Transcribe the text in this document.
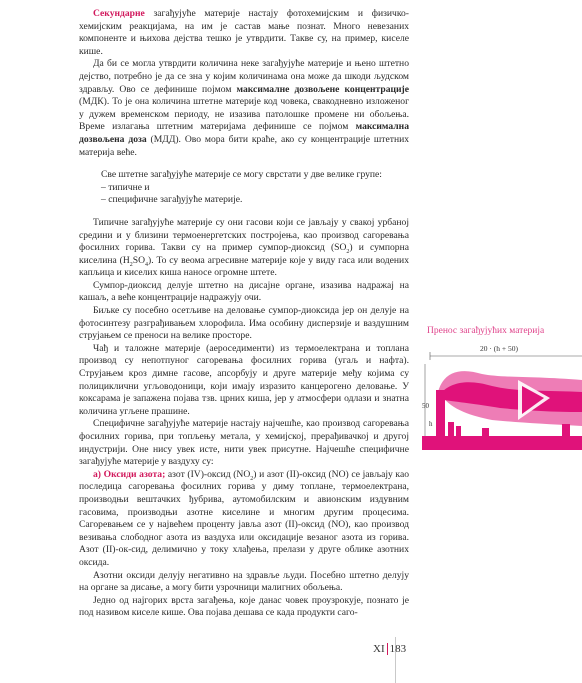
Секундарне загађујуће материје настају фотохемијским и физичко-хемијским реакцијама, на им је састав мање познат. Много невезаних компоненте и њихова дејства тешко је утврдити. Такве су, на пример, киселе кише.

Да би се могла утврдити количина неке загађујуће материје и њено штетно дејство, потребно је да се зна у којим количинама она може да шкоди људском здрављу. Ово се дефинише појмом максималне дозвољене концентрације (МДК). То је она количина штетне материје код човека, свакодневно изложеног у дужем временском периоду, не изазива патолошке промене ни обољења. Време излагања штетним материјама дефинише се појмом максимална дозвољена доза (МДД). Ово мора бити краће, ако су концентрације штетних материја веће.

Све штетне загађујуће материје се могу сврстати у две велике групе:
– типичне и
– специфичне загађујуће материје.

Типичне загађујуће материје су они гасови који се јављају у свакој урбаној средини и у близини термоенергетских постројења, као производ сагоревања фосилних горива. Такви су на пример сумпор-диоксид $(SO_2)$ и сумпорна киселина $(H_2SO_4)$. То су веома агресивне материје које у виду гаса или водених капљица и киселих киша наносе огромне штете.

Сумпор-диоксид делује штетно на дисајне органе, изазива надражај на кашаљ, а веће концентрације надражују очи.

Биљке су посебно осетљиве на деловање сумпор-диоксида јер он делује на фотосинтезу разграђивањем хлорофила. Има особину дисперзије и ваздушним струјањем се преноси на велике просторе.

Чађ и таложне материје (аероседименти) из термоелектрана и топлана производ су непотпуног сагоревања фосилних горива (угаљ и нафта). Струјањем кроз димне гасове, апсорбују и друге материје међу којима су полициклични угљоводоници, који имају изразито канцерогено деловање. У коксарама је запажена појава тзв. црних киша, јер у атмосфери одлази и знатна количина угљене прашине.

Специфичне загађујуће материје настају најчешће, као производ сагоревања фосилних горива, при топљењу метала, у хемијској, прерађивачкој и другој индустрији. Оне нису увек исте, нити увек присутне. Најчешће специфичне загађујуће материје у ваздуху су:

а) Оксиди азота; азот (IV)-оксид $(NO_2)$ и азот (II)-оксид (NO) се јављају као последица сагоревања фосилних горива у диму топлане, термоелектрана, производњи вештачких ђубрива, аутомобилским и авионским издувним гасовима, производњи азотне киселине и многим другим процесима. Сагоревањем се у највећем проценту јавља азот (II)-оксид (NO), као производ везивања слободног азота из ваздуха или оксидације везаног азота из горива. Азот (II)-ок-сид, делимично у току хлађења, прелази у друге облике азотних оксида.

Азотни оксиди делују негативно на здравље људи. Посебно штетно делују на органе за дисање, а могу бити узрочници малигних обољења.

Једно од најгорих врста загађења, које данас човек проузрокује, познато је под називом киселе кише. Ова појава дешава се када продукти саго-

Пренос загађујућих материја
20 · (h + 50)
50
h
XI 183
